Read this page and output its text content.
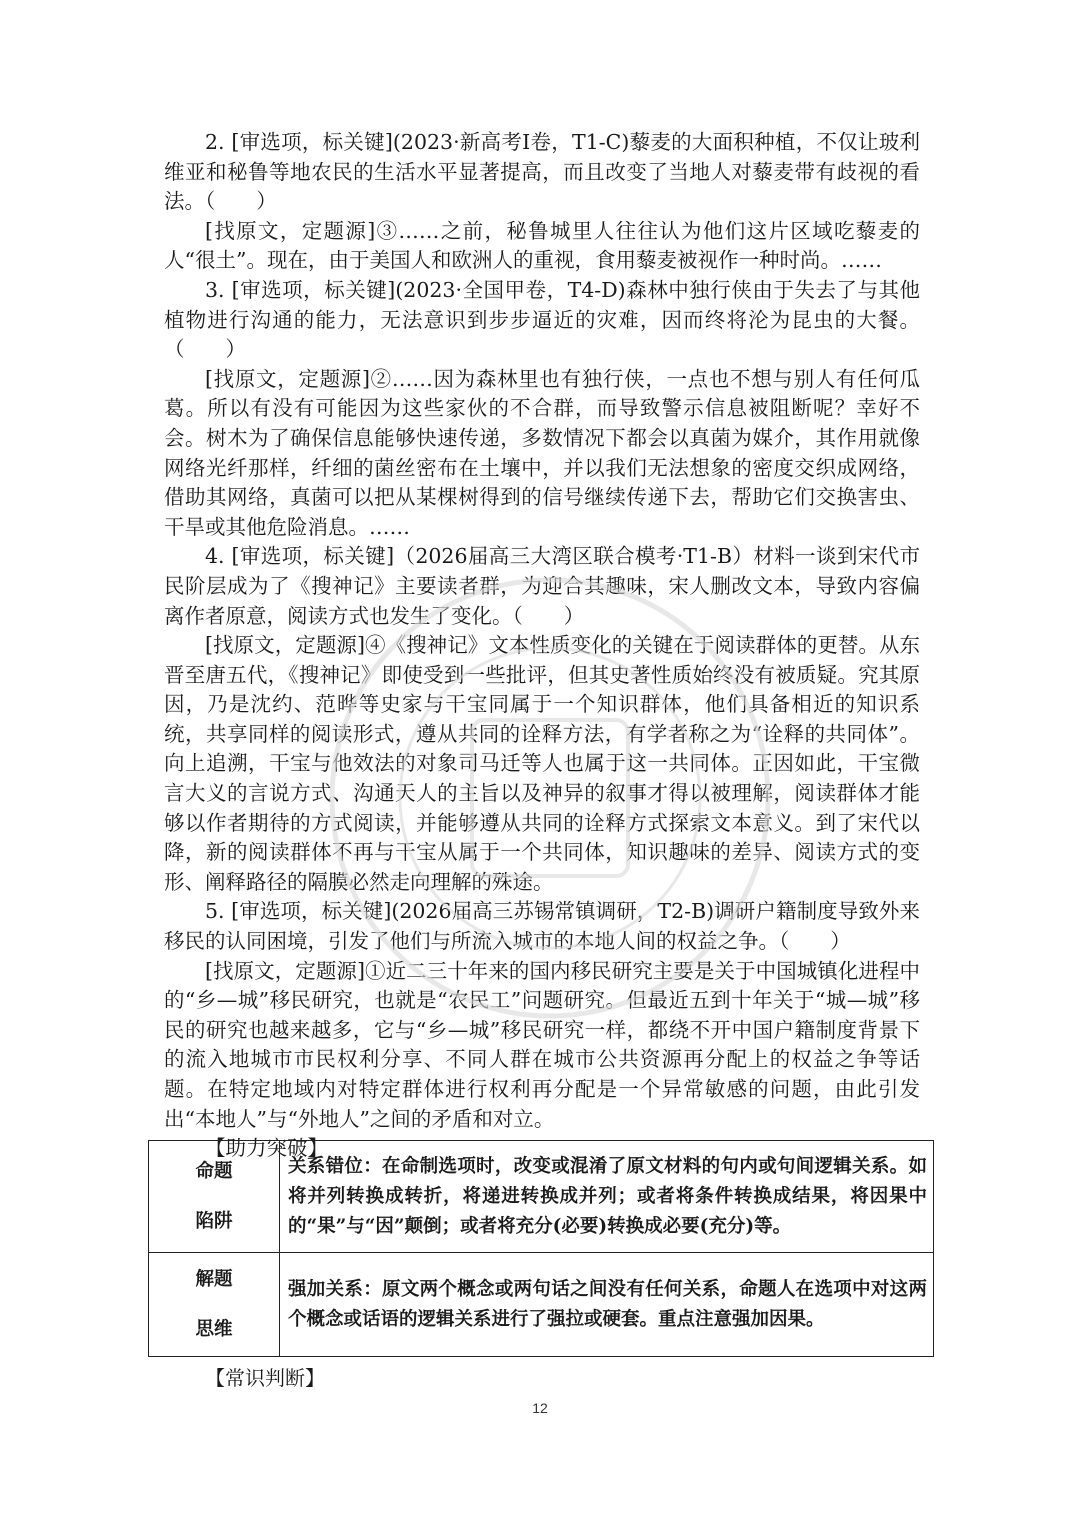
2. [审选项，标关键](2023·新高考Ⅰ卷，T1-C)藜麦的大面积种植，不仅让玻利维亚和秘鲁等地农民的生活水平显著提高，而且改变了当地人对藜麦带有歧视的看法。（　　）

[找原文，定题源]③……之前，秘鲁城里人往往认为他们这片区域吃藜麦的人“很土”。现在，由于美国人和欧洲人的重视，食用藜麦被视作一种时尚。……

3. [审选项，标关键](2023·全国甲卷，T4-D)森林中独行侠由于失去了与其他植物进行沟通的能力，无法意识到步步逼近的灾难，因而终将沦为昆虫的大餐。（　　）

[找原文，定题源]②……因为森林里也有独行侠，一点也不想与别人有任何瓜葛。所以有没有可能因为这些家伙的不合群，而导致警示信息被阻断呢？幸好不会。树木为了确保信息能够快速传递，多数情况下都会以真菌为媒介，其作用就像网络光纤那样，纤细的菌丝密布在土壤中，并以我们无法想象的密度交织成网络，借助其网络，真菌可以把从某棵树得到的信号继续传递下去，帮助它们交换害虫、干旱或其他危险消息。……

4. [审选项，标关键]（2026届高三大湾区联合模考·T1-B）材料一谈到宋代市民阶层成为了《搜神记》主要读者群，为迎合其趣味，宋人删改文本，导致内容偏离作者原意，阅读方式也发生了变化。（　　）

[找原文，定题源]④《搜神记》文本性质变化的关键在于阅读群体的更替。从东晋至唐五代，《搜神记》即使受到一些批评，但其史著性质始终没有被质疑。究其原因，乃是沈约、范晔等史家与干宝同属于一个知识群体，他们具备相近的知识系统，共享同样的阅读形式，遵从共同的诠释方法，有学者称之为“诠释的共同体”。向上追溯，干宝与他效法的对象司马迁等人也属于这一共同体。正因如此，干宝微言大义的言说方式、沟通天人的主旨以及神异的叙事才得以被理解，阅读群体才能够以作者期待的方式阅读，并能够遵从共同的诠释方式探索文本意义。到了宋代以降，新的阅读群体不再与干宝从属于一个共同体，知识趣味的差异、阅读方式的变形、阐释路径的隔膜必然走向理解的殊途。

5. [审选项，标关键](2026届高三苏锡常镇调研，T2-B)调研户籍制度导致外来移民的认同困境，引发了他们与所流入城市的本地人间的权益之争。（　　）

[找原文，定题源]①近二三十年来的国内移民研究主要是关于中国城镇化进程中的“乡—城”移民研究，也就是“农民工”问题研究。但最近五到十年关于“城—城”移民的研究也越来越多，它与“乡—城”移民研究一样，都绕不开中国户籍制度背景下的流入地城市市民权利分享、不同人群在城市公共资源再分配上的权益之争等话题。在特定地域内对特定群体进行权利再分配是一个异常敏感的问题，由此引发出“本地人”与“外地人”之间的矛盾和对立。

【助力突破】

命题
陷阱	关系错位：在命制选项时，改变或混淆了原文材料的句内或句间逻辑关系。如将并列转换成转折，将递进转换成并列；或者将条件转换成结果，将因果中的“果”与“因”颠倒；或者将充分(必要)转换成必要(充分)等。

解题
思维	强加关系：原文两个概念或两句话之间没有任何关系，命题人在选项中对这两个概念或话语的逻辑关系进行了强拉或硬套。重点注意强加因果。
【常识判断】
12
